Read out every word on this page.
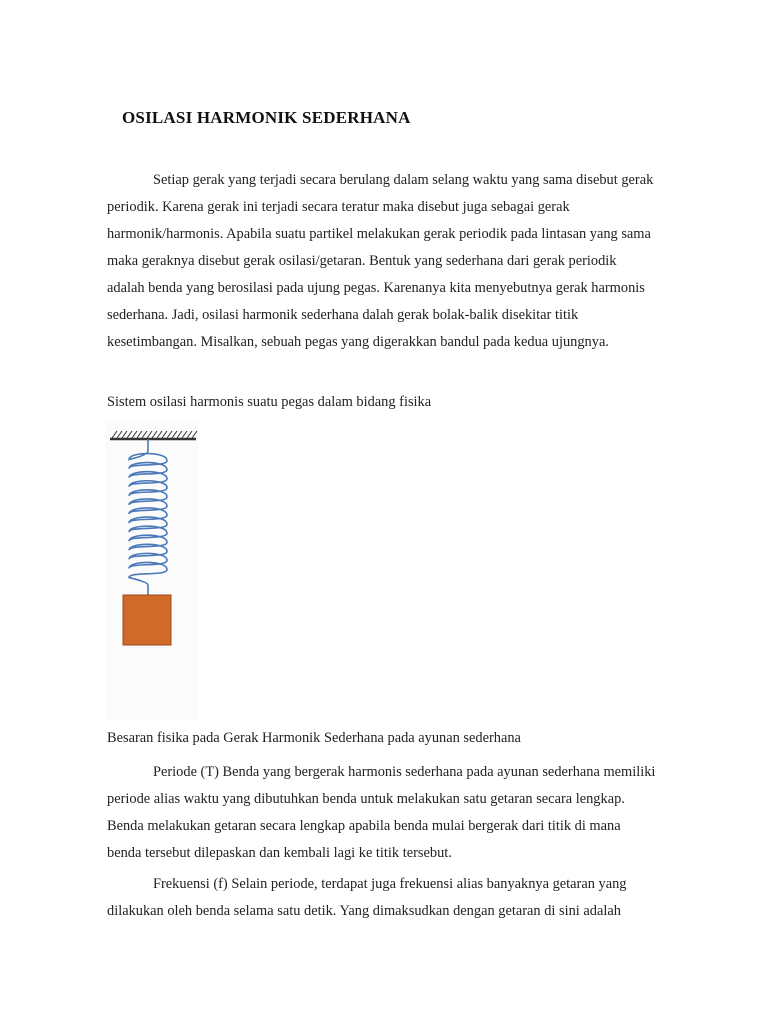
OSILASI HARMONIK SEDERHANA

Setiap gerak yang terjadi secara berulang dalam selang waktu yang sama disebut gerak
periodik. Karena gerak ini terjadi secara teratur maka disebut juga sebagai gerak
harmonik/harmonis. Apabila suatu partikel melakukan gerak periodik pada lintasan yang sama
maka geraknya disebut gerak osilasi/getaran. Bentuk yang sederhana dari gerak periodik
adalah benda yang berosilasi pada ujung pegas. Karenanya kita menyebutnya gerak harmonis
sederhana. Jadi, osilasi harmonik sederhana dalah gerak bolak-balik disekitar titik
kesetimbangan. Misalkan, sebuah pegas yang digerakkan bandul pada kedua ujungnya.

Sistem osilasi harmonis suatu pegas dalam bidang fisika
Besaran fisika pada Gerak Harmonik Sederhana pada ayunan sederhana

Periode (T) Benda yang bergerak harmonis sederhana pada ayunan sederhana memiliki
periode alias waktu yang dibutuhkan benda untuk melakukan satu getaran secara lengkap.
Benda melakukan getaran secara lengkap apabila benda mulai bergerak dari titik di mana
benda tersebut dilepaskan dan kembali lagi ke titik tersebut.

Frekuensi (f) Selain periode, terdapat juga frekuensi alias banyaknya getaran yang
dilakukan oleh benda selama satu detik. Yang dimaksudkan dengan getaran di sini adalah
